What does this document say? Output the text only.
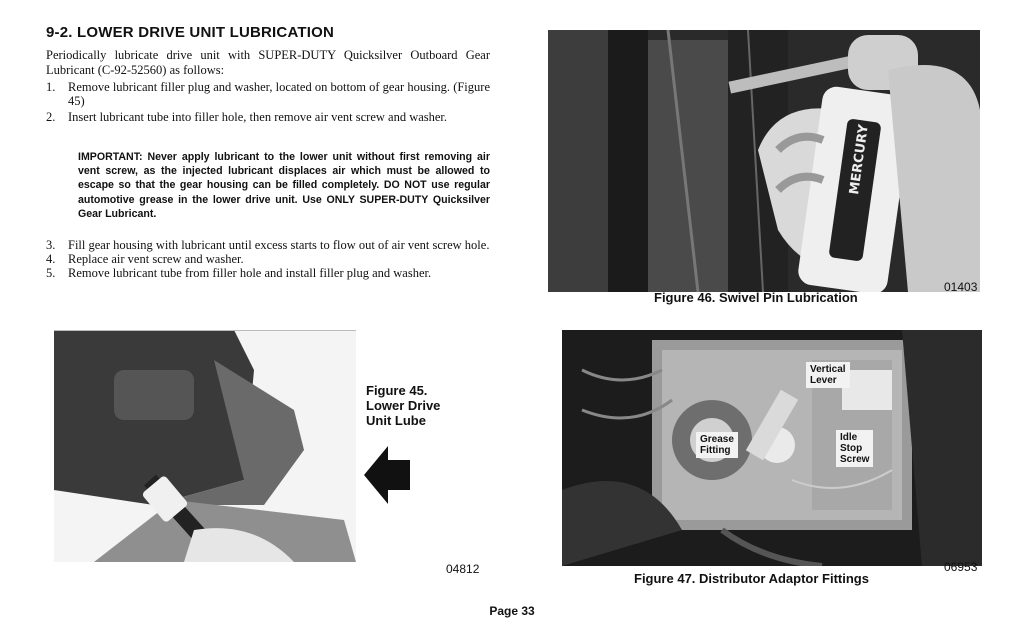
9-2. LOWER DRIVE UNIT LUBRICATION
Periodically lubricate drive unit with SUPER-DUTY Quicksilver Outboard Gear Lubricant (C-92-52560) as follows:
1.	Remove lubricant filler plug and washer, located on bottom of gear housing. (Figure 45)
2.	Insert lubricant tube into filler hole, then remove air vent screw and washer.
IMPORTANT: Never apply lubricant to the lower unit without first removing air vent screw, as the injected lubricant displaces air which must be allowed to escape so that the gear housing can be filled completely. DO NOT use regular automotive grease in the lower drive unit. Use ONLY SUPER-DUTY Quicksilver Gear Lubricant.
3.	Fill gear housing with lubricant until excess starts to flow out of air vent screw hole.
4.	Replace air vent screw and washer.
5.	Remove lubricant tube from filler hole and install filler plug and washer.
MERCURY
Figure 46. Swivel Pin Lubrication
01403
Figure 45.
Lower Drive
Unit Lube
04812
Vertical
Lever
Grease
Fitting
Idle
Stop
Screw
Figure 47. Distributor Adaptor Fittings
06953
Page 33
